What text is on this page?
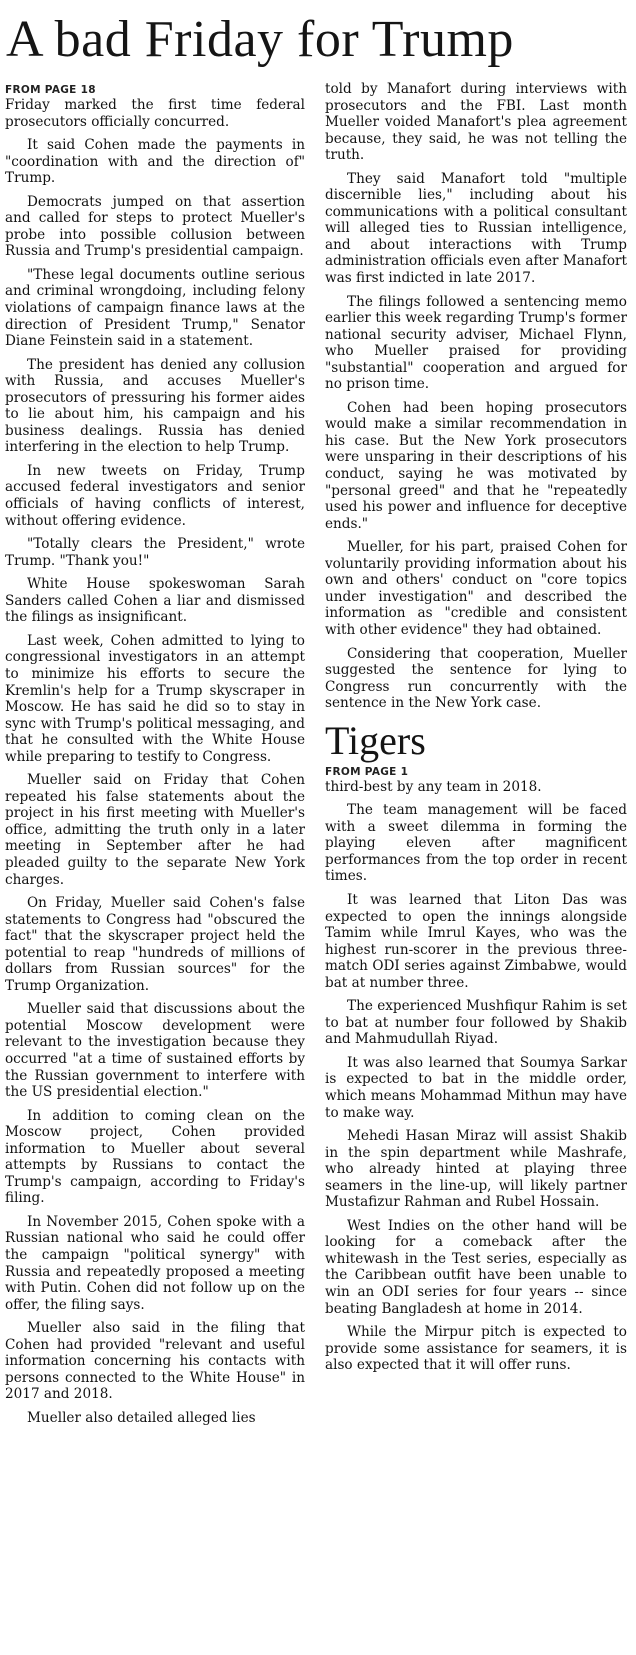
A bad Friday for Trump
FROM PAGE 18

Friday marked the first time federal prosecutors officially concurred.

It said Cohen made the payments in "coordination with and the direction of" Trump.

Democrats jumped on that assertion and called for steps to protect Mueller's probe into possible collusion between Russia and Trump's presidential campaign.

"These legal documents outline serious and criminal wrongdoing, including felony violations of campaign finance laws at the direction of President Trump," Senator Diane Feinstein said in a statement.

The president has denied any collusion with Russia, and accuses Mueller's prosecutors of pressuring his former aides to lie about him, his campaign and his business dealings. Russia has denied interfering in the election to help Trump.

In new tweets on Friday, Trump accused federal investigators and senior officials of having conflicts of interest, without offering evidence.

"Totally clears the President," wrote Trump. "Thank you!"

White House spokeswoman Sarah Sanders called Cohen a liar and dismissed the filings as insignificant.

Last week, Cohen admitted to lying to congressional investigators in an attempt to minimize his efforts to secure the Kremlin's help for a Trump skyscraper in Moscow. He has said he did so to stay in sync with Trump's political messaging, and that he consulted with the White House while preparing to testify to Congress.

Mueller said on Friday that Cohen repeated his false statements about the project in his first meeting with Mueller's office, admitting the truth only in a later meeting in September after he had pleaded guilty to the separate New York charges.

On Friday, Mueller said Cohen's false statements to Congress had "obscured the fact" that the skyscraper project held the potential to reap "hundreds of millions of dollars from Russian sources" for the Trump Organization.

Mueller said that discussions about the potential Moscow development were relevant to the investigation because they occurred "at a time of sustained efforts by the Russian government to interfere with the US presidential election."

In addition to coming clean on the Moscow project, Cohen provided information to Mueller about several attempts by Russians to contact the Trump's campaign, according to Friday's filing.

In November 2015, Cohen spoke with a Russian national who said he could offer the campaign "political synergy" with Russia and repeatedly proposed a meeting with Putin. Cohen did not follow up on the offer, the filing says.

Mueller also said in the filing that Cohen had provided "relevant and useful information concerning his contacts with persons connected to the White House" in 2017 and 2018.

Mueller also detailed alleged lies

told by Manafort during interviews with prosecutors and the FBI. Last month Mueller voided Manafort's plea agreement because, they said, he was not telling the truth.

They said Manafort told "multiple discernible lies," including about his communications with a political consultant will alleged ties to Russian intelligence, and about interactions with Trump administration officials even after Manafort was first indicted in late 2017.

The filings followed a sentencing memo earlier this week regarding Trump's former national security adviser, Michael Flynn, who Mueller praised for providing "substantial" cooperation and argued for no prison time.

Cohen had been hoping prosecutors would make a similar recommendation in his case. But the New York prosecutors were unsparing in their descriptions of his conduct, saying he was motivated by "personal greed" and that he "repeatedly used his power and influence for deceptive ends."

Mueller, for his part, praised Cohen for voluntarily providing information about his own and others' conduct on "core topics under investigation" and described the information as "credible and consistent with other evidence" they had obtained.

Considering that cooperation, Mueller suggested the sentence for lying to Congress run concurrently with the sentence in the New York case.

Tigers
FROM PAGE 1

third-best by any team in 2018.

The team management will be faced with a sweet dilemma in forming the playing eleven after magnificent performances from the top order in recent times.

It was learned that Liton Das was expected to open the innings alongside Tamim while Imrul Kayes, who was the highest run-scorer in the previous three-match ODI series against Zimbabwe, would bat at number three.

The experienced Mushfiqur Rahim is set to bat at number four followed by Shakib and Mahmudullah Riyad.

It was also learned that Soumya Sarkar is expected to bat in the middle order, which means Mohammad Mithun may have to make way.

Mehedi Hasan Miraz will assist Shakib in the spin department while Mashrafe, who already hinted at playing three seamers in the line-up, will likely partner Mustafizur Rahman and Rubel Hossain.

West Indies on the other hand will be looking for a comeback after the whitewash in the Test series, especially as the Caribbean outfit have been unable to win an ODI series for four years -- since beating Bangladesh at home in 2014.

While the Mirpur pitch is expected to provide some assistance for seamers, it is also expected that it will offer runs.
